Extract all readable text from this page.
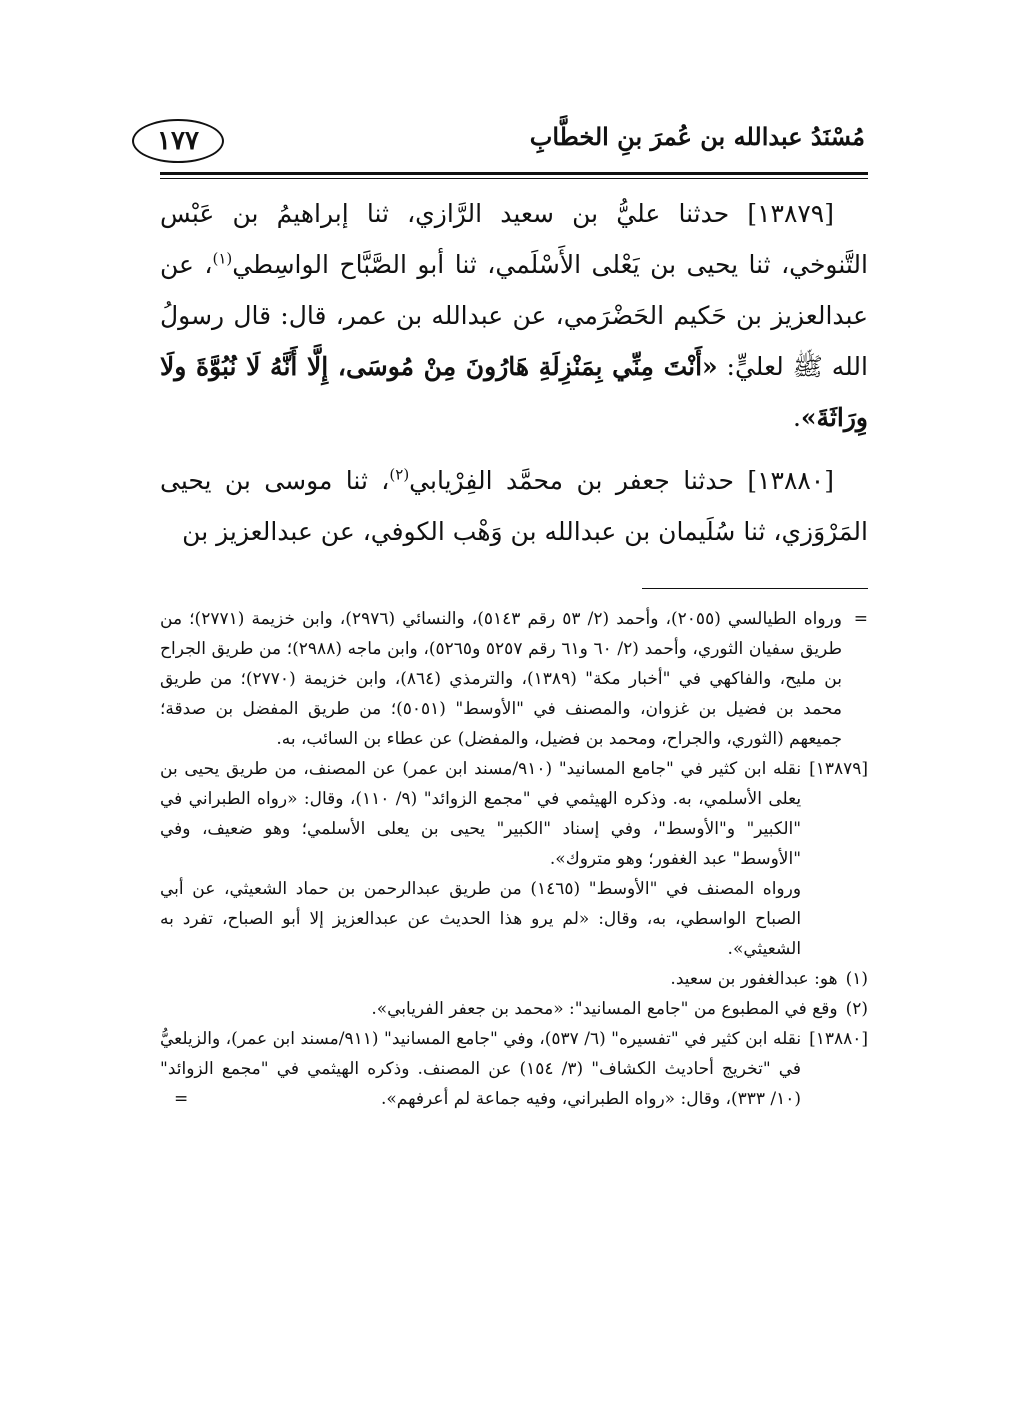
مُسْنَدُ عبدالله بن عُمرَ بنِ الخطَّابِ
١٧٧

[١٣٨٧٩] حدثنا عليُّ بن سعيد الرَّازي، ثنا إبراهيمُ بن عَبْس التَّنوخي، ثنا يحيى بن يَعْلى الأَسْلَمي، ثنا أبو الصَّبَّاح الواسِطي$^{(١)}$، عن عبدالعزيز بن حَكيم الحَضْرَمي، عن عبدالله بن عمر، قال: قال رسولُ الله ﷺ لعليٍّ: «أَنْتَ مِنِّي بِمَنْزِلَةِ هَارُونَ مِنْ مُوسَى، إِلَّا أَنَّهُ لَا نُبُوَّةَ ولَا وِرَاثَةَ».

[١٣٨٨٠] حدثنا جعفر بن محمَّد الفِرْيابي$^{(٢)}$، ثنا موسى بن يحيى المَرْوَزي، ثنا سُلَيمان بن عبدالله بن وَهْب الكوفي، عن عبدالعزيز بن

=
ورواه الطيالسي (٢٠٥٥)، وأحمد (٢/ ٥٣ رقم ٥١٤٣)، والنسائي (٢٩٧٦)، وابن خزيمة (٢٧٧١)؛ من طريق سفيان الثوري، وأحمد (٢/ ٦٠ و٦١ رقم ٥٢٥٧ و٥٢٦٥)، وابن ماجه (٢٩٨٨)؛ من طريق الجراح بن مليح، والفاكهي في "أخبار مكة" (١٣٨٩)، والترمذي (٨٦٤)، وابن خزيمة (٢٧٧٠)؛ من طريق محمد بن فضيل بن غزوان، والمصنف في "الأوسط" (٥٠٥١)؛ من طريق المفضل بن صدقة؛ جميعهم (الثوري، والجراح، ومحمد بن فضيل، والمفضل) عن عطاء بن السائب، به.
[١٣٨٧٩]

نقله ابن كثير في "جامع المسانيد" (٩١٠/مسند ابن عمر) عن المصنف، من طريق يحيى بن يعلى الأسلمي، به. وذكره الهيثمي في "مجمع الزوائد" (٩/ ١١٠)، وقال: «رواه الطبراني في "الكبير" و"الأوسط"، وفي إسناد "الكبير" يحيى بن يعلى الأسلمي؛ وهو ضعيف، وفي "الأوسط" عبد الغفور؛ وهو متروك».

ورواه المصنف في "الأوسط" (١٤٦٥) من طريق عبدالرحمن بن حماد الشعيثي، عن أبي الصباح الواسطي، به، وقال: «لم يرو هذا الحديث عن عبدالعزيز إلا أبو الصباح، تفرد به الشعيثي».

(١)
هو: عبدالغفور بن سعيد.
(٢)
وقع في المطبوع من "جامع المسانيد": «محمد بن جعفر الفريابي».
[١٣٨٨٠]
نقله ابن كثير في "تفسيره" (٦/ ٥٣٧)، وفي "جامع المسانيد" (٩١١/مسند ابن عمر)، والزيلعيُّ في "تخريج أحاديث الكشاف" (٣/ ١٥٤) عن المصنف. وذكره الهيثمي في "مجمع الزوائد" (١٠/ ٣٣٣)، وقال: «رواه الطبراني، وفيه جماعة لم أعرفهم».
=
